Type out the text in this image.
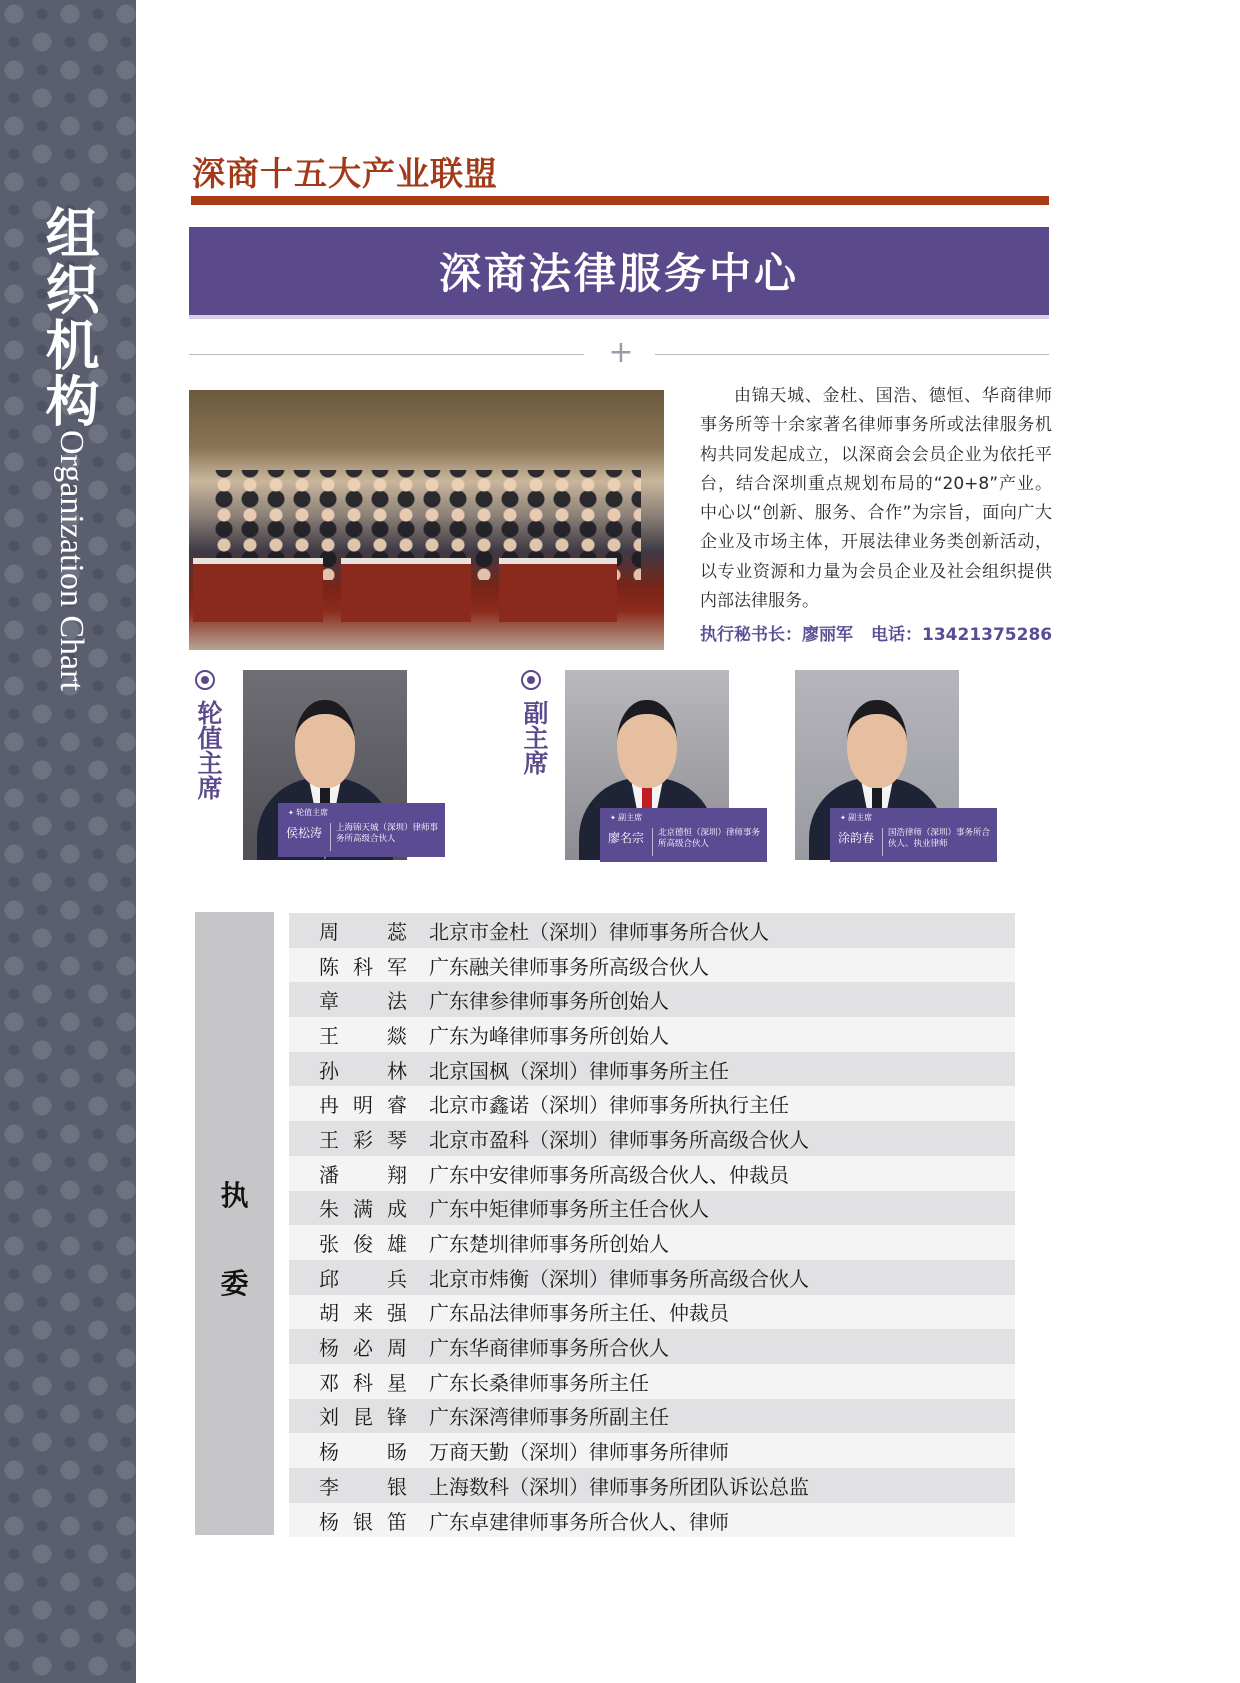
组织机构
Organization Chart
深商十五大产业联盟
深商法律服务中心
+

由锦天城、金杜、国浩、德恒、华商律师事务所等十余家著名律师事务所或法律服务机构共同发起成立，以深商会会员企业为依托平台，结合深圳重点规划布局的“20+8”产业。中心以“创新、服务、合作”为宗旨，面向广大企业及市场主体，开展法律业务类创新活动，以专业资源和力量为会员企业及社会组织提供内部法律服务。

执行秘书长：廖丽军 电话：13421375286
轮值主席
✦ 轮值主席
侯松涛 上海锦天城（深圳）律师事务所高级合伙人
副主席
✦ 副主席
廖名宗 北京德恒（深圳）律师事务所高级合伙人
✦ 副主席
涂韵春 国浩律师（深圳）事务所合伙人、执业律师
执
委
周　蕊	北京市金杜（深圳）律师事务所合伙人
陈科军	广东融关律师事务所高级合伙人
章　法	广东律参律师事务所创始人
王　燚	广东为峰律师事务所创始人
孙　林	北京国枫（深圳）律师事务所主任
冉明睿	北京市鑫诺（深圳）律师事务所执行主任
王彩琴	北京市盈科（深圳）律师事务所高级合伙人
潘　翔	广东中安律师事务所高级合伙人、仲裁员
朱满成	广东中矩律师事务所主任合伙人
张俊雄	广东楚圳律师事务所创始人
邱　兵	北京市炜衡（深圳）律师事务所高级合伙人
胡来强	广东品法律师事务所主任、仲裁员
杨必周	广东华商律师事务所合伙人
邓科星	广东长桑律师事务所主任
刘昆锋	广东深湾律师事务所副主任
杨　旸	万商天勤（深圳）律师事务所律师
李　银	上海数科（深圳）律师事务所团队诉讼总监
杨银笛	广东卓建律师事务所合伙人、律师
